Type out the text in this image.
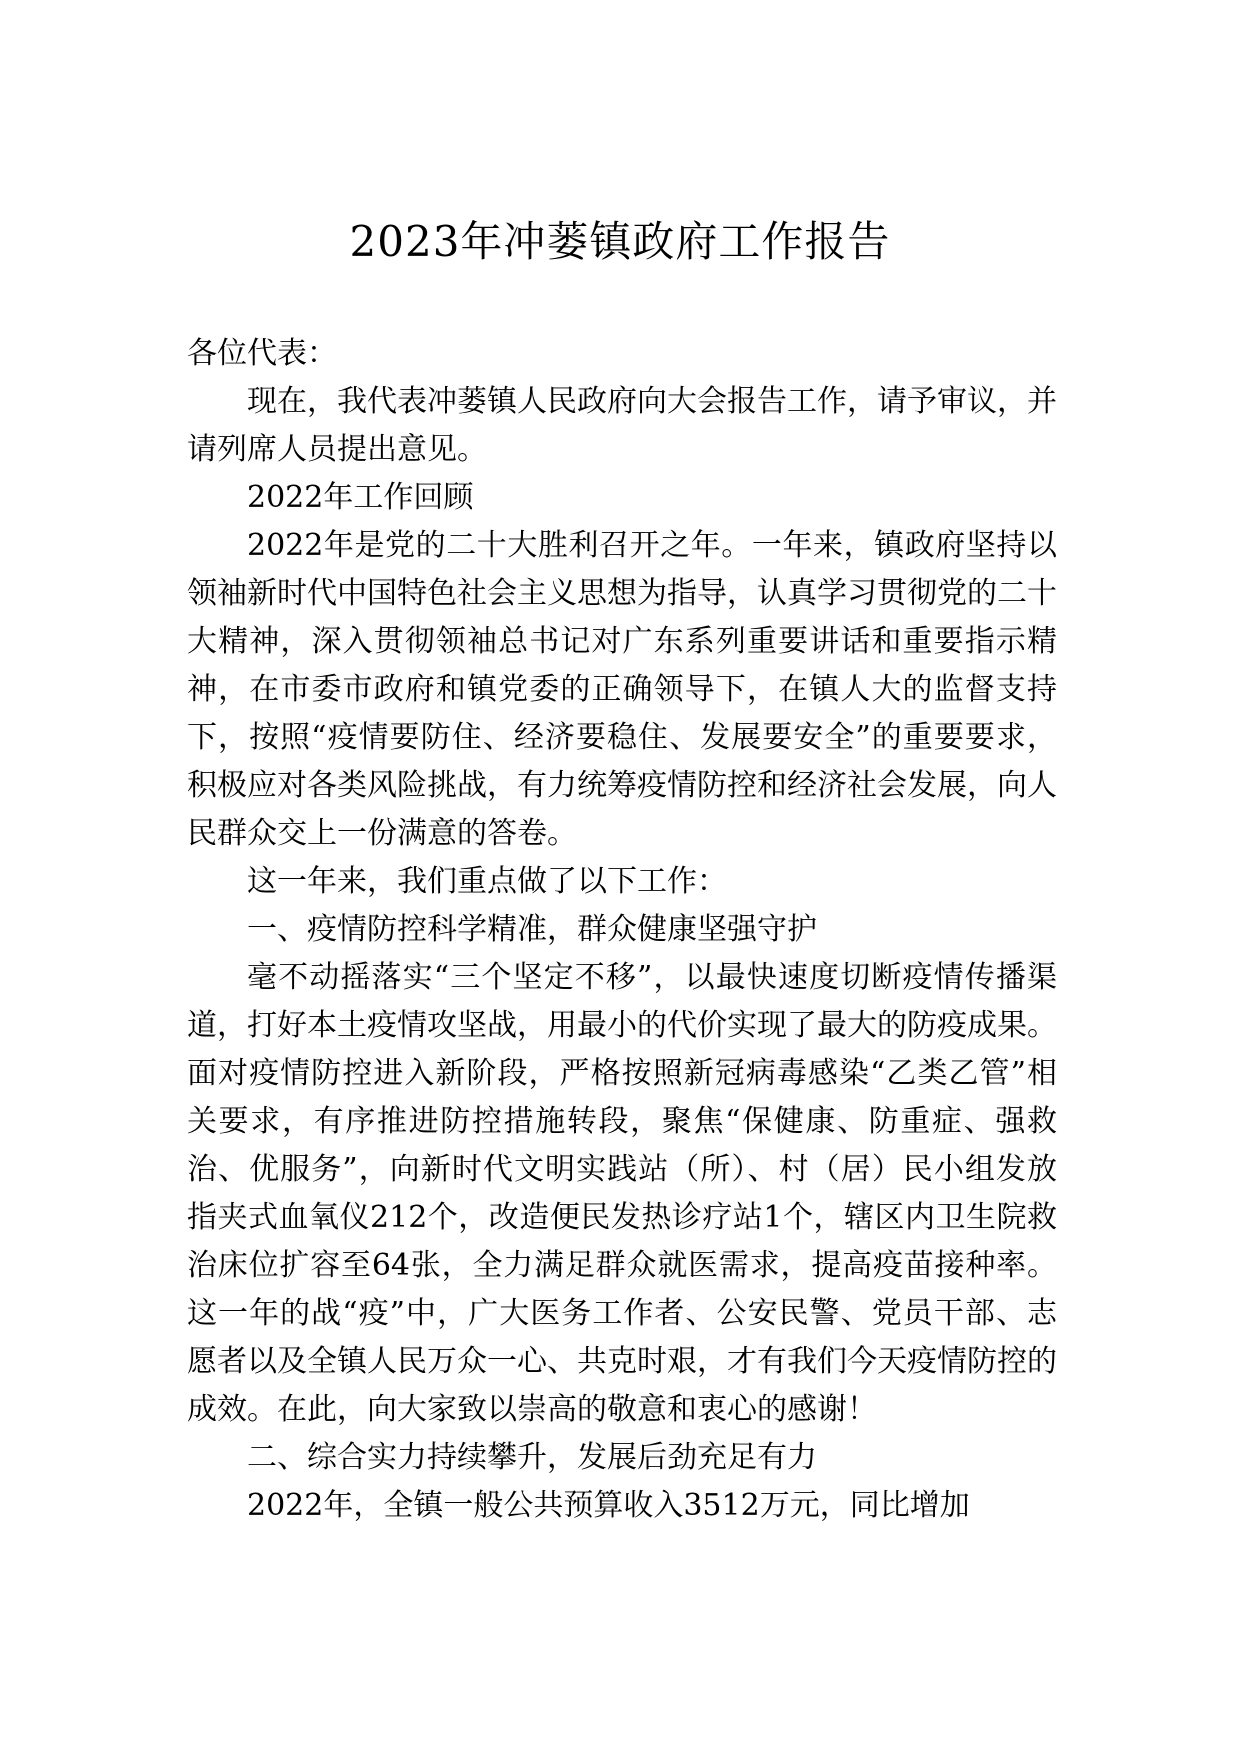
2023年冲蒌镇政府工作报告

各位代表：

现在，我代表冲蒌镇人民政府向大会报告工作，请予审议，并请列席人员提出意见。

2022年工作回顾

2022年是党的二十大胜利召开之年。一年来，镇政府坚持以领袖新时代中国特色社会主义思想为指导，认真学习贯彻党的二十大精神，深入贯彻领袖总书记对广东系列重要讲话和重要指示精神，在市委市政府和镇党委的正确领导下，在镇人大的监督支持下，按照“疫情要防住、经济要稳住、发展要安全”的重要要求，积极应对各类风险挑战，有力统筹疫情防控和经济社会发展，向人民群众交上一份满意的答卷。

这一年来，我们重点做了以下工作：

一、疫情防控科学精准，群众健康坚强守护

毫不动摇落实“三个坚定不移”，以最快速度切断疫情传播渠道，打好本土疫情攻坚战，用最小的代价实现了最大的防疫成果。面对疫情防控进入新阶段，严格按照新冠病毒感染“乙类乙管”相关要求，有序推进防控措施转段，聚焦“保健康、防重症、强救治、优服务”，向新时代文明实践站（所）、村（居）民小组发放指夹式血氧仪212个，改造便民发热诊疗站1个，辖区内卫生院救治床位扩容至64张，全力满足群众就医需求，提高疫苗接种率。这一年的战“疫”中，广大医务工作者、公安民警、党员干部、志愿者以及全镇人民万众一心、共克时艰，才有我们今天疫情防控的成效。在此，向大家致以崇高的敬意和衷心的感谢！

二、综合实力持续攀升，发展后劲充足有力

2022年，全镇一般公共预算收入3512万元，同比增加
